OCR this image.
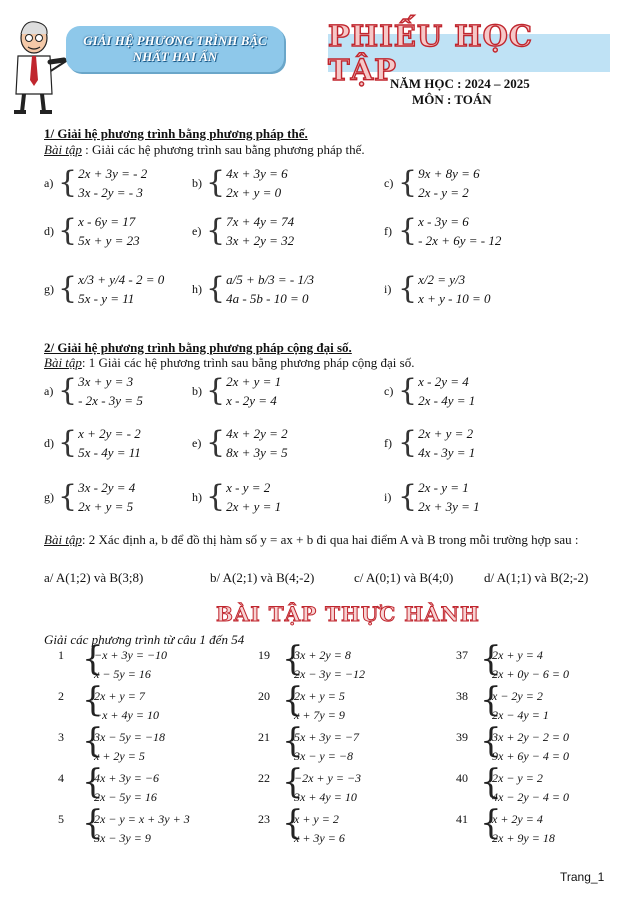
GIẢI HỆ PHƯƠNG TRÌNH BẬC
NHẤT HAI ẨN
PHIẾU HỌC TẬP
NĂM HỌC : 2024 – 2025
MÔN : TOÁN
1/ Giải hệ phương trình bằng phương pháp thế.
Bài tập : Giải các hệ phương trình sau bằng phương pháp thế.
2/ Giải hệ phương trình bằng phương pháp cộng đại số.
Bài tập: 1 Giải các hệ phương trình sau bằng phương pháp cộng đại số.
Bài tập: 2 Xác định a, b để đồ thị hàm số y = ax + b đi qua hai điểm A và B trong mỗi trường hợp sau :
a/ A(1;2) và B(3;8)	b/ A(2;1) và B(4;-2)	c/ A(0;1) và B(4;0) d/ A(1;1) và B(2;-2)
BÀI TẬP THỰC HÀNH
Giải các phương trình từ câu 1 đến 54
Trang_1
a) { 2x + 3y = - 2
3x - 2y = - 3
b) { 4x + 3y = 6
2x + y = 0
c) { 9x + 8y = 6
2x - y = 2
d) { x - 6y = 17
5x + y = 23
e) { 7x + 4y = 74
3x + 2y = 32
f) { x - 3y = 6
- 2x + 6y = - 12
g) { x/3 + y/4 - 2 = 0
5x - y = 11
h) { a/5 + b/3 = - 1/3
4a - 5b - 10 = 0
i) { x/2 = y/3
x + y - 10 = 0
a) { 3x + y = 3
- 2x - 3y = 5
b) { 2x + y = 1
x - 2y = 4
c) { x - 2y = 4
2x - 4y = 1
d) { x + 2y = - 2
5x - 4y = 11
e) { 4x + 2y = 2
8x + 3y = 5
f) { 2x + y = 2
4x - 3y = 1
g) { 3x - 2y = 4
2x + y = 5
h) { x - y = 2
2x + y = 1
i) { 2x - y = 1
2x + 3y = 1
1 {
−x + 3y = −10
x − 5y = 16
19 {
3x + 2y = 8
2x − 3y = −12
37 {
2x + y = 4
2x + 0y − 6 = 0
2 {
2x + y = 7
−x + 4y = 10
20 {
2x + y = 5
x + 7y = 9
38 {
x − 2y = 2
2x − 4y = 1
3 {
3x − 5y = −18
x + 2y = 5
21 {
5x + 3y = −7
3x − y = −8
39 {
3x + 2y − 2 = 0
9x + 6y − 4 = 0
4 {
4x + 3y = −6
2x − 5y = 16
22 {
−2x + y = −3
3x + 4y = 10
40 {
2x − y = 2
4x − 2y − 4 = 0
5 {
2x − y = x + 3y + 3
3x − 3y = 9
23 {
x + y = 2
x + 3y = 6
41 {
x + 2y = 4
2x + 9y = 18
